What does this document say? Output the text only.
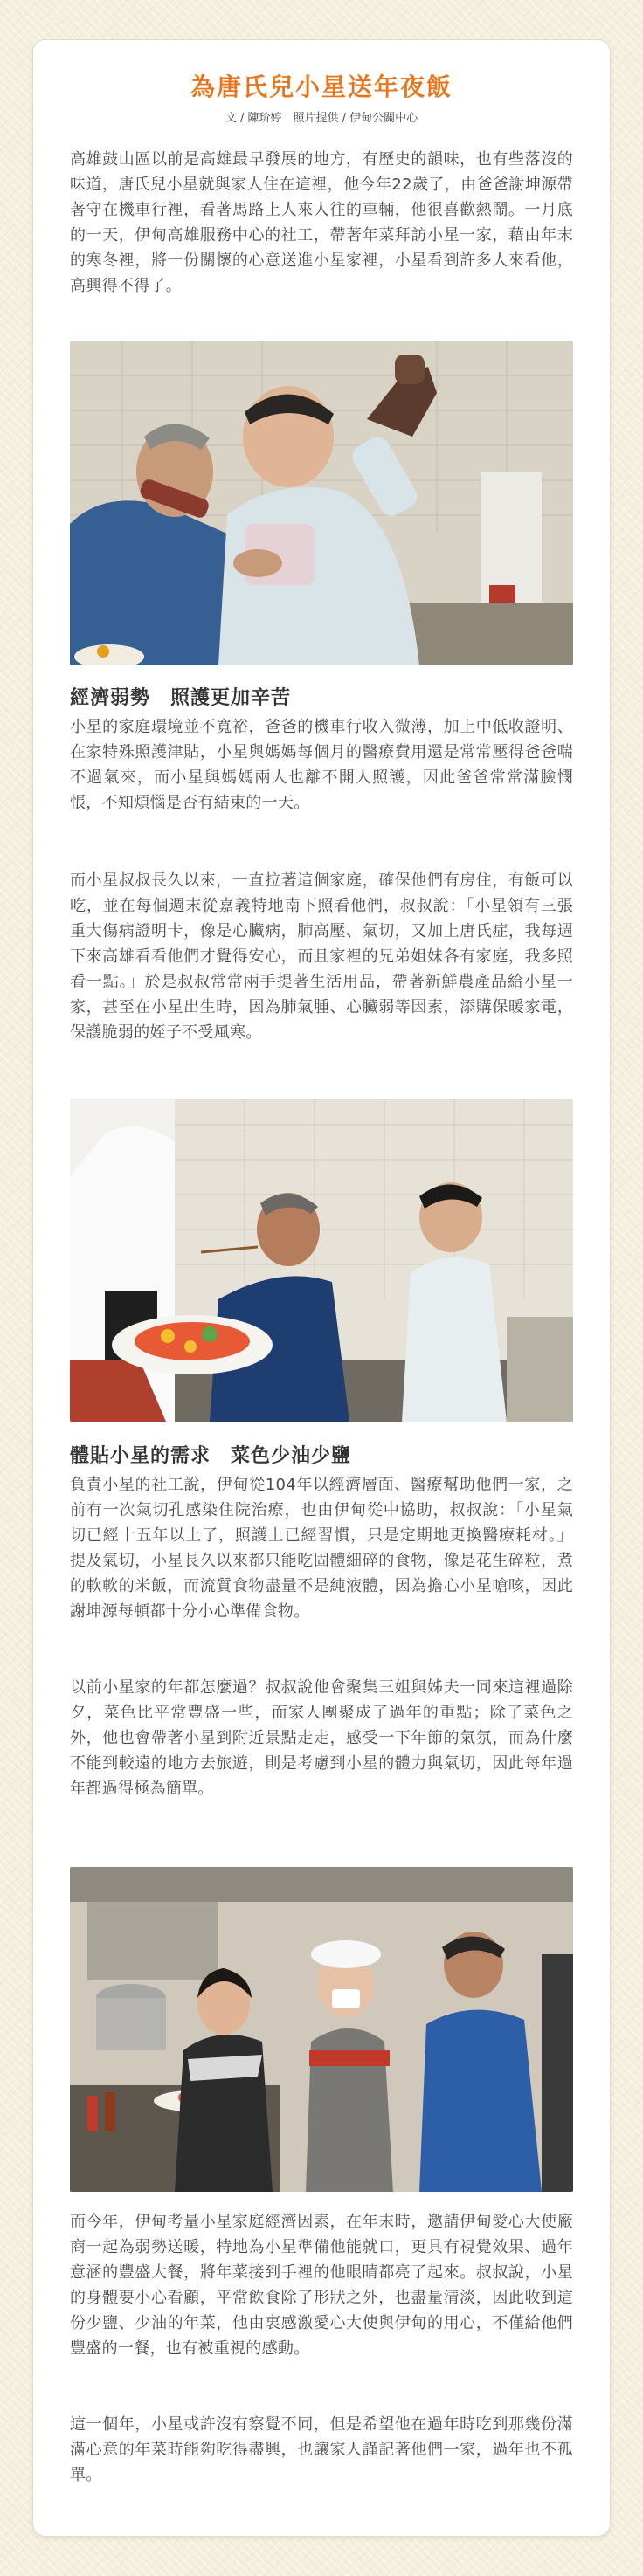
為唐氏兒小星送年夜飯

文 / 陳玠婷　照片提供 / 伊甸公關中心

高雄鼓山區以前是高雄最早發展的地方，有歷史的韻味，也有些落沒的味道，唐氏兒小星就與家人住在這裡，他今年22歲了，由爸爸謝坤源帶著守在機車行裡，看著馬路上人來人往的車輛，他很喜歡熱鬧。一月底的一天，伊甸高雄服務中心的社工，帶著年菜拜訪小星一家，藉由年末的寒冬裡，將一份關懷的心意送進小星家裡，小星看到許多人來看他，高興得不得了。

經濟弱勢　照護更加辛苦

小星的家庭環境並不寬裕，爸爸的機車行收入微薄，加上中低收證明、在家特殊照護津貼，小星與媽媽每個月的醫療費用還是常常壓得爸爸喘不過氣來，而小星與媽媽兩人也離不開人照護，因此爸爸常常滿臉憫悵，不知煩惱是否有結束的一天。

而小星叔叔長久以來，一直拉著這個家庭，確保他們有房住，有飯可以吃，並在每個週末從嘉義特地南下照看他們，叔叔說：「小星領有三張重大傷病證明卡，像是心臟病，肺高壓、氣切，又加上唐氏症，我每週下來高雄看看他們才覺得安心，而且家裡的兄弟姐妹各有家庭，我多照看一點。」於是叔叔常常兩手提著生活用品，帶著新鮮農產品給小星一家，甚至在小星出生時，因為肺氣腫、心臟弱等因素，添購保暖家電，保護脆弱的姪子不受風寒。

體貼小星的需求　菜色少油少鹽

負責小星的社工說，伊甸從104年以經濟層面、醫療幫助他們一家，之前有一次氣切孔感染住院治療，也由伊甸從中協助，叔叔說：「小星氣切已經十五年以上了，照護上已經習慣，只是定期地更換醫療耗材。」提及氣切，小星長久以來都只能吃固體細碎的食物，像是花生碎粒，煮的軟軟的米飯，而流質食物盡量不是純液體，因為擔心小星嗆咳，因此謝坤源每頓都十分小心準備食物。

以前小星家的年都怎麼過？叔叔說他會聚集三姐與姊夫一同來這裡過除夕，菜色比平常豐盛一些，而家人團聚成了過年的重點；除了菜色之外，他也會帶著小星到附近景點走走，感受一下年節的氣氛，而為什麼不能到較遠的地方去旅遊，則是考慮到小星的體力與氣切，因此每年過年都過得極為簡單。

而今年，伊甸考量小星家庭經濟因素，在年末時，邀請伊甸愛心大使廠商一起為弱勢送暖，特地為小星準備他能就口，更具有視覺效果、過年意涵的豐盛大餐，將年菜接到手裡的他眼睛都亮了起來。叔叔說，小星的身體要小心看顧，平常飲食除了形狀之外，也盡量清淡，因此收到這份少鹽、少油的年菜，他由衷感激愛心大使與伊甸的用心，不僅給他們豐盛的一餐，也有被重視的感動。

這一個年，小星或許沒有察覺不同，但是希望他在過年時吃到那幾份滿滿心意的年菜時能夠吃得盡興，也讓家人謹記著他們一家，過年也不孤單。
